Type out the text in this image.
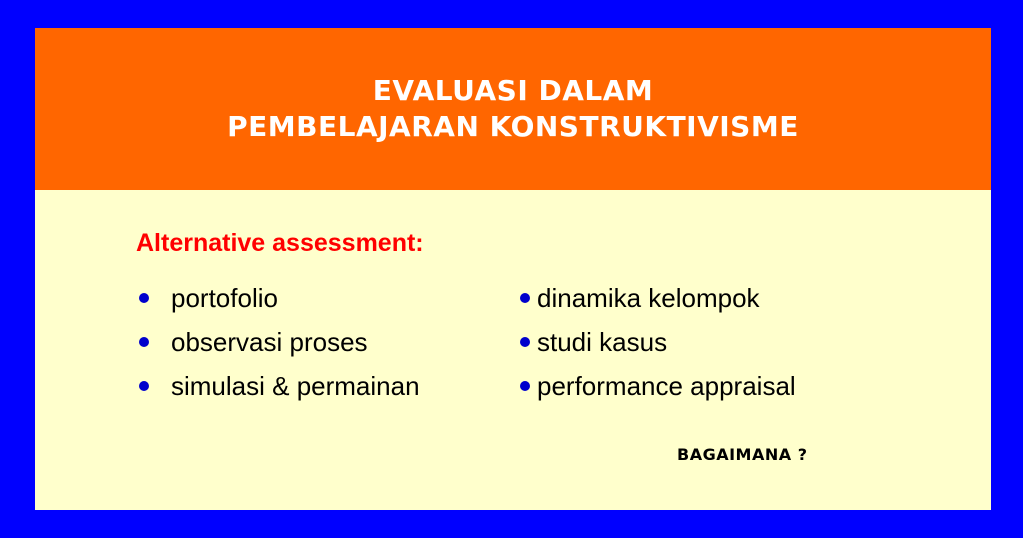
EVALUASI DALAM
PEMBELAJARAN KONSTRUKTIVISME
Alternative assessment:
portofolio
observasi proses
simulasi & permainan
dinamika kelompok
studi kasus
performance appraisal
BAGAIMANA ?
